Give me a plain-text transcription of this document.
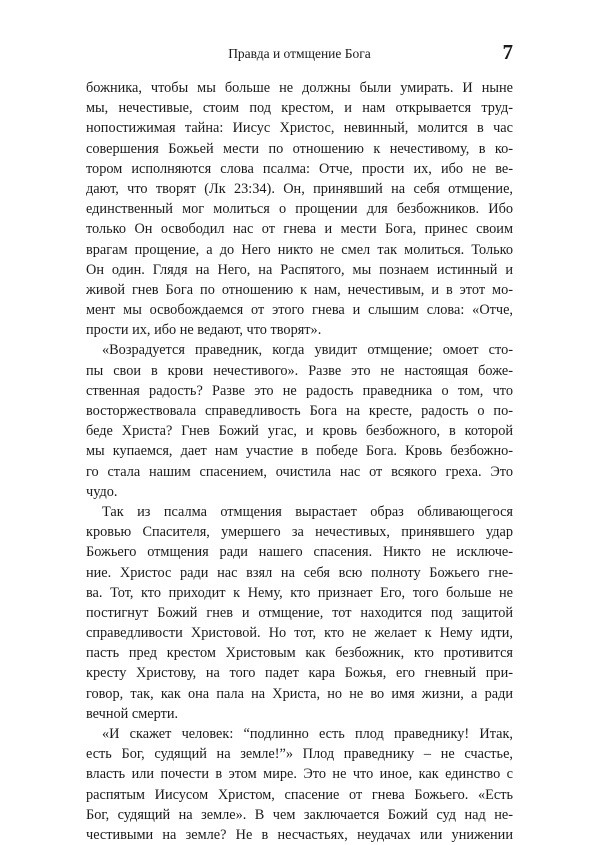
Правда и отмщение Бога	7
божника, чтобы мы больше не должны были умирать. И ныне
мы, нечестивые, стоим под крестом, и нам открывается труд-
нопостижимая тайна: Иисус Христос, невинный, молится в час
совершения Божьей мести по отношению к нечестивому, в ко-
тором исполняются слова псалма: Отче, прости их, ибо не ве-
дают, что творят (Лк 23:34). Он, принявший на себя отмщение,
единственный мог молиться о прощении для безбожников. Ибо
только Он освободил нас от гнева и мести Бога, принес своим
врагам прощение, а до Него никто не смел так молиться. Только
Он один. Глядя на Него, на Распятого, мы познаем истинный и
живой гнев Бога по отношению к нам, нечестивым, и в этот мо-
мент мы освобождаемся от этого гнева и слышим слова: «Отче,
прости их, ибо не ведают, что творят».
«Возрадуется праведник, когда увидит отмщение; омоет сто-
пы свои в крови нечестивого». Разве это не настоящая боже-
ственная радость? Разве это не радость праведника о том, что
восторжествовала справедливость Бога на кресте, радость о по-
беде Христа? Гнев Божий угас, и кровь безбожного, в которой
мы купаемся, дает нам участие в победе Бога. Кровь безбожно-
го стала нашим спасением, очистила нас от всякого греха. Это
чудо.
Так из псалма отмщения вырастает образ обливающегося
кровью Спасителя, умершего за нечестивых, принявшего удар
Божьего отмщения ради нашего спасения. Никто не исключе-
ние. Христос ради нас взял на себя всю полноту Божьего гне-
ва. Тот, кто приходит к Нему, кто признает Его, того больше не
постигнут Божий гнев и отмщение, тот находится под защитой
справедливости Христовой. Но тот, кто не желает к Нему идти,
пасть пред крестом Христовым как безбожник, кто противится
кресту Христову, на того падет кара Божья, его гневный при-
говор, так, как она пала на Христа, но не во имя жизни, а ради
вечной смерти.
«И скажет человек: “подлинно есть плод праведнику! Итак,
есть Бог, судящий на земле!”» Плод праведнику – не счастье,
власть или почести в этом мире. Это не что иное, как единство с
распятым Иисусом Христом, спасение от гнева Божьего. «Есть
Бог, судящий на земле». В чем заключается Божий суд над не-
честивыми на земле? Не в несчастьях, неудачах или унижении
